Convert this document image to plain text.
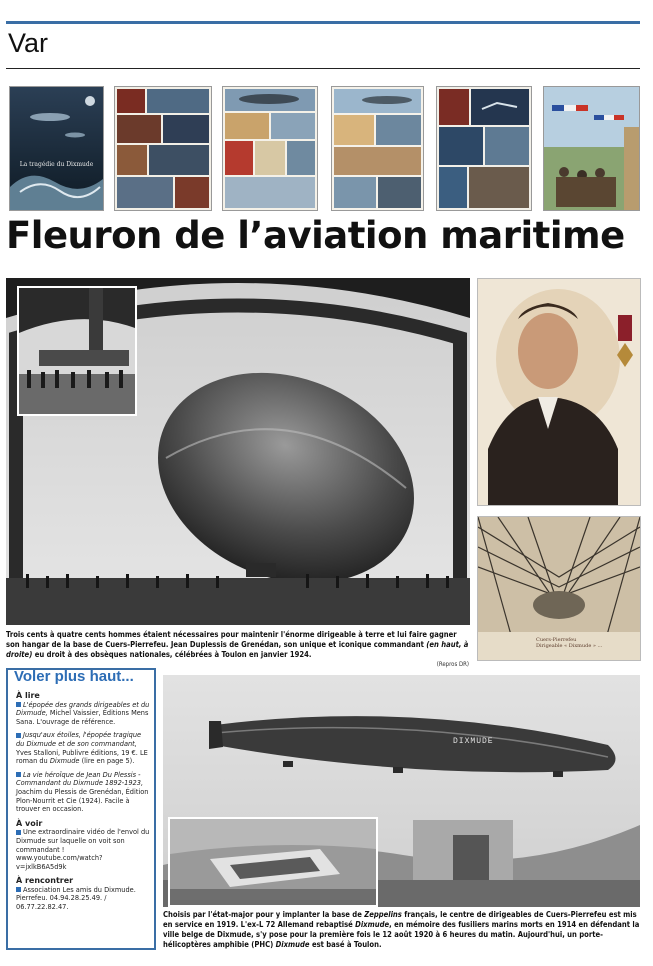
Var
La tragédie du Dixmude
Fleuron de l’aviation maritime
Cuers-Pierrefeu
Dirigeable « Dixmude » ...
Trois cents à quatre cents hommes étaient nécessaires pour maintenir l'énorme dirigeable à terre et lui faire gagner son hangar de la base de Cuers-Pierrefeu. Jean Duplessis de Grenédan, son unique et iconique commandant (en haut, à droite) eu droit à des obsèques nationales, célébrées à Toulon en janvier 1924.
(Repros DR)
Voler plus haut...
À lire
L'épopée des grands dirigeables et du Dixmude, Michel Vaissier, Éditions Mens Sana. L'ouvrage de référence.
Jusqu'aux étoiles, l'épopée tragique du Dixmude et de son commandant, Yves Stalloni, Publivre éditions, 19 €. LE roman du Dixmude (lire en page 5).
La vie héroïque de Jean Du Plessis - Commandant du Dixmude 1892-1923, Joachim du Plessis de Grenédan, Édition Plon-Nourrit et Cie (1924). Facile à trouver en occasion.
À voir
Une extraordinaire vidéo de l'envol du Dixmude sur laquelle on voit son commandant !
www.youtube.com/watch?v=jxlkB6A5d9k
À rencontrer
Association Les amis du Dixmude.
Pierrefeu. 04.94.28.25.49. / 06.77.22.82.47.
DIXMUDE
Choisis par l'état-major pour y implanter la base de Zeppelins français, le centre de dirigeables de Cuers-Pierrefeu est mis en service en 1919. L'ex-L 72 Allemand rebaptisé Dixmude, en mémoire des fusiliers marins morts en 1914 en défendant la ville belge de Dixmude, s'y pose pour la première fois le 12 août 1920 à 6 heures du matin. Aujourd'hui, un porte-hélicoptères amphibie (PHC) Dixmude est basé à Toulon.
